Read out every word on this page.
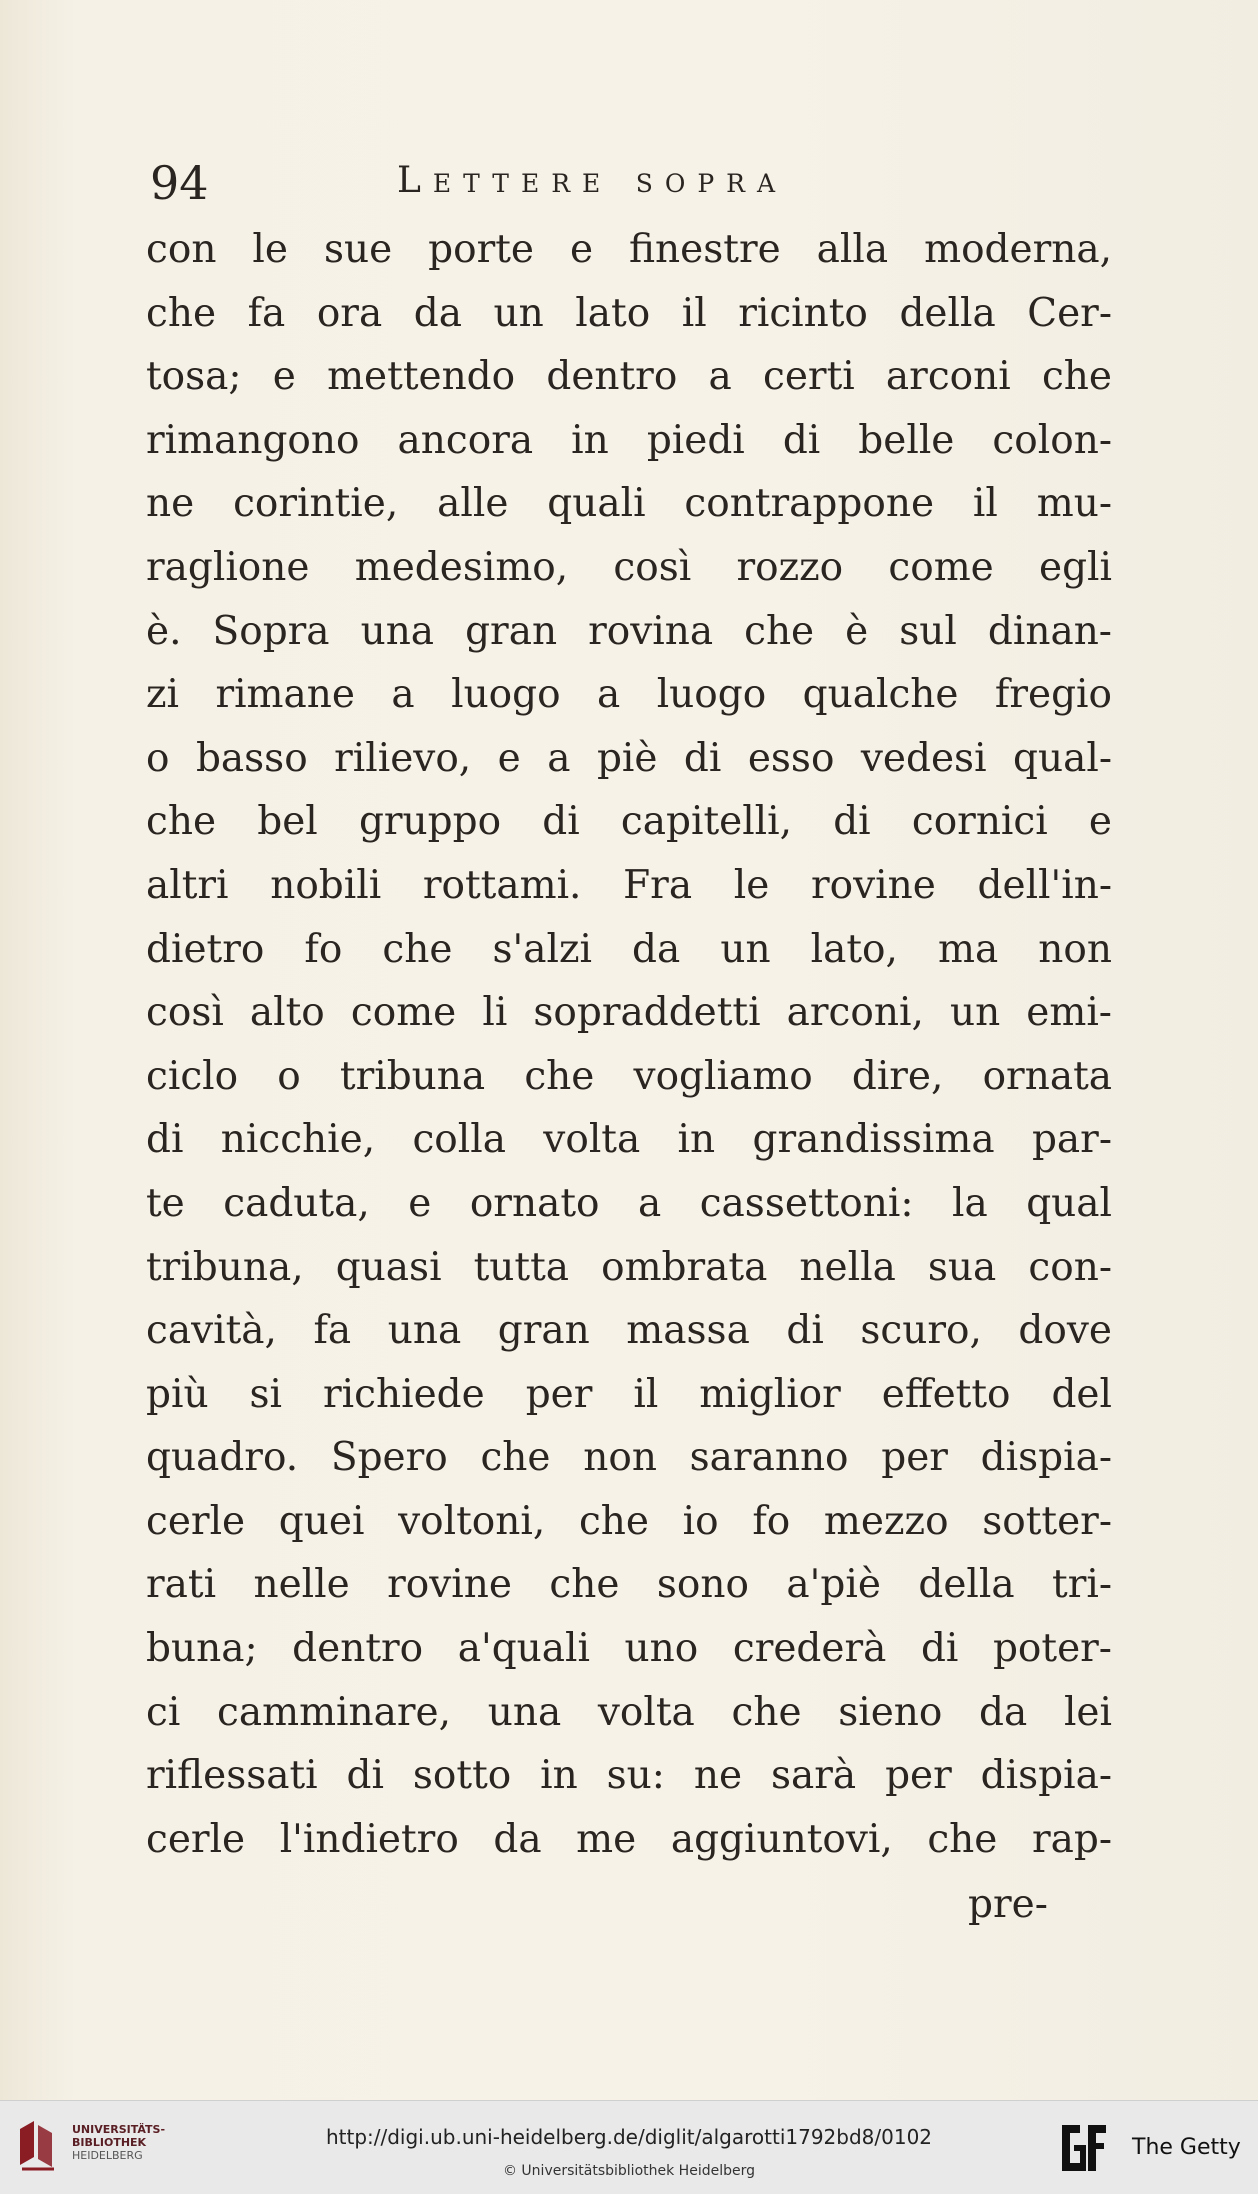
94	Lettere sopra
con le sue porte e finestre alla moderna,
che fa ora da un lato il ricinto della Cer-
tosa; e mettendo dentro a certi arconi che
rimangono ancora in piedi di belle colon-
ne corintie, alle quali contrappone il mu-
raglione medesimo, così rozzo come egli
è. Sopra una gran rovina che è sul dinan-
zi rimane a luogo a luogo qualche fregio
o basso rilievo, e a piè di esso vedesi qual-
che bel gruppo di capitelli, di cornici e
altri nobili rottami. Fra le rovine dell'in-
dietro fo che s'alzi da un lato, ma non
così alto come li sopraddetti arconi, un emi-
ciclo o tribuna che vogliamo dire, ornata
di nicchie, colla volta in grandissima par-
te caduta, e ornato a cassettoni: la qual
tribuna, quasi tutta ombrata nella sua con-
cavità, fa una gran massa di scuro, dove
più si richiede per il miglior effetto del
quadro. Spero che non saranno per dispia-
cerle quei voltoni, che io fo mezzo sotter-
rati nelle rovine che sono a'piè della tri-
buna; dentro a'quali uno crederà di poter-
ci camminare, una volta che sieno da lei
riflessati di sotto in su: ne sarà per dispia-
cerle l'indietro da me aggiuntovi, che rap-
pre-
UNIVERSITÄTS-
BIBLIOTHEK
HEIDELBERG
http://digi.ub.uni-heidelberg.de/diglit/algarotti1792bd8/0102
© Universitätsbibliothek Heidelberg
The Getty
